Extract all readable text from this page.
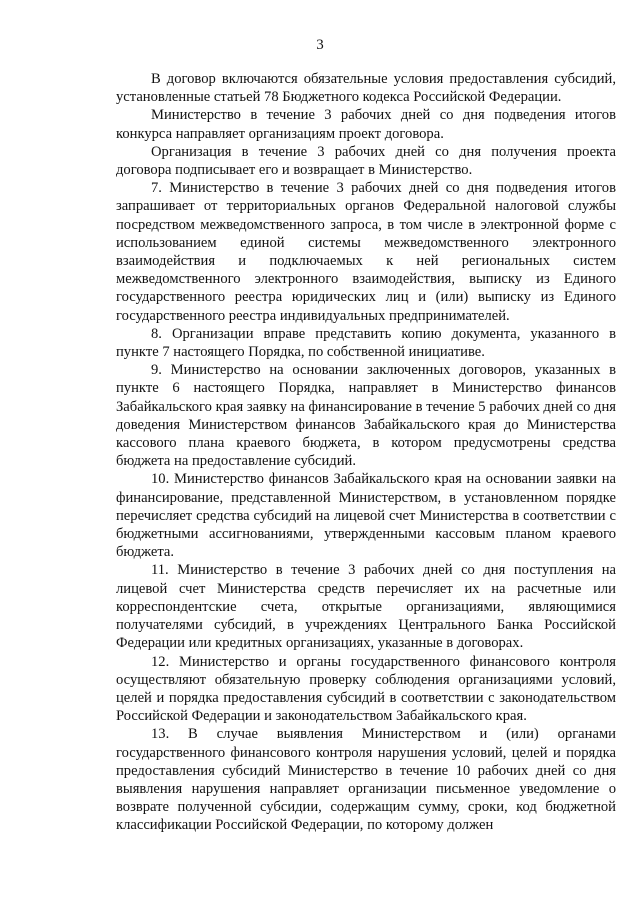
3

В договор включаются обязательные условия предоставления субсидий, установленные статьей 78 Бюджетного кодекса Российской Федерации.

Министерство в течение 3 рабочих дней со дня подведения итогов конкурса направляет организациям проект договора.

Организация в течение 3 рабочих дней со дня получения проекта договора подписывает его и возвращает в Министерство.

7. Министерство в течение 3 рабочих дней со дня подведения итогов запрашивает от территориальных органов Федеральной налоговой службы посредством межведомственного запроса, в том числе в электронной форме с использованием единой системы межведомственного электронного взаимодействия и подключаемых к ней региональных систем межведомственного электронного взаимодействия, выписку из Единого государственного реестра юридических лиц и (или) выписку из Единого государственного реестра индивидуальных предпринимателей.

8. Организации вправе представить копию документа, указанного в пункте 7 настоящего Порядка, по собственной инициативе.

9. Министерство на основании заключенных договоров, указанных в пункте 6 настоящего Порядка, направляет в Министерство финансов Забайкальского края заявку на финансирование в течение 5 рабочих дней со дня доведения Министерством финансов Забайкальского края до Министерства кассового плана краевого бюджета, в котором предусмотрены средства бюджета на предоставление субсидий.

10. Министерство финансов Забайкальского края на основании заявки на финансирование, представленной Министерством, в установленном порядке перечисляет средства субсидий на лицевой счет Министерства в соответствии с бюджетными ассигнованиями, утвержденными кассовым планом краевого бюджета.

11. Министерство в течение 3 рабочих дней со дня поступления на лицевой счет Министерства средств перечисляет их на расчетные или корреспондентские счета, открытые организациями, являющимися получателями субсидий, в учреждениях Центрального Банка Российской Федерации или кредитных организациях, указанные в договорах.

12. Министерство и органы государственного финансового контроля осуществляют обязательную проверку соблюдения организациями условий, целей и порядка предоставления субсидий в соответствии с законодательством Российской Федерации и законодательством Забайкальского края.

13. В случае выявления Министерством и (или) органами государственного финансового контроля нарушения условий, целей и порядка предоставления субсидий Министерство в течение 10 рабочих дней со дня выявления нарушения направляет организации письменное уведомление о возврате полученной субсидии, содержащим сумму, сроки, код бюджетной классификации Российской Федерации, по которому должен
